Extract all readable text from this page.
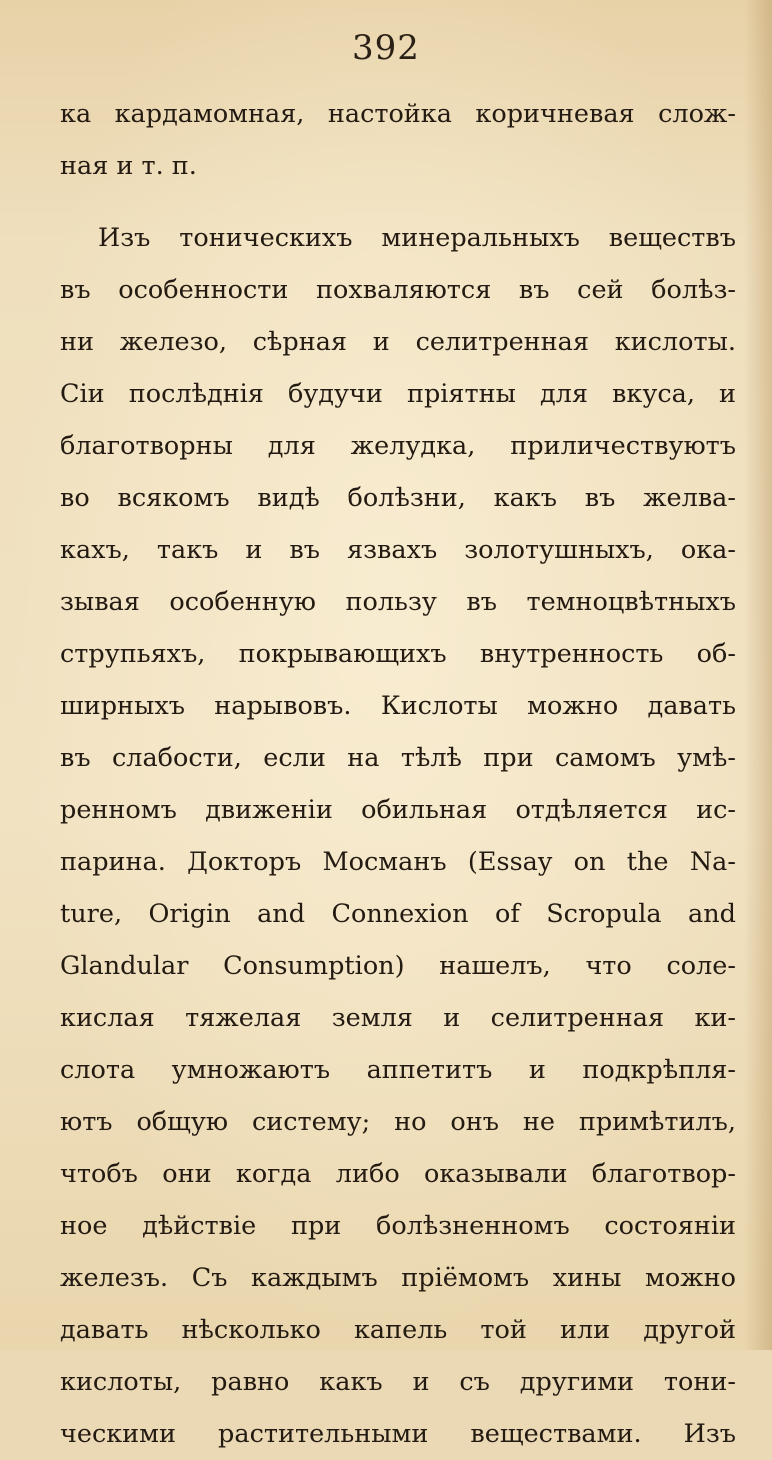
392
ка кардамомная, настойка коричневая слож-
ная и т. п.
Изъ тоническихъ минеральныхъ веществъ
въ особенности похваляются въ сей болѣз-
ни железо, сѣрная и селитренная кислоты.
Сіи послѣднія будучи пріятны для вкуса, и
благотворны для желудка, приличествуютъ
во всякомъ видѣ болѣзни, какъ въ желва-
кахъ, такъ и въ язвахъ золотушныхъ, ока-
зывая особенную пользу въ темноцвѣтныхъ
струпьяхъ, покрывающихъ внутренность об-
ширныхъ нарывовъ. Кислоты можно давать
въ слабости, если на тѣлѣ при самомъ умѣ-
ренномъ движеніи обильная отдѣляется ис-
парина. Докторъ Мосманъ (Essay on the Na-
ture, Origin and Connexion of Scropula and
Glandular Consumption) нашелъ, что соле-
кислая тяжелая земля и селитренная ки-
слота умножаютъ аппетитъ и подкрѣпля-
ютъ общую систему; но онъ не примѣтилъ,
чтобъ они когда либо оказывали благотвор-
ное дѣйствіе при болѣзненномъ состояніи
железъ. Съ каждымъ пріёмомъ хины можно
давать нѣсколько капель той или другой
кислоты, равно какъ и съ другими тони-
ческими растительными веществами. Изъ
